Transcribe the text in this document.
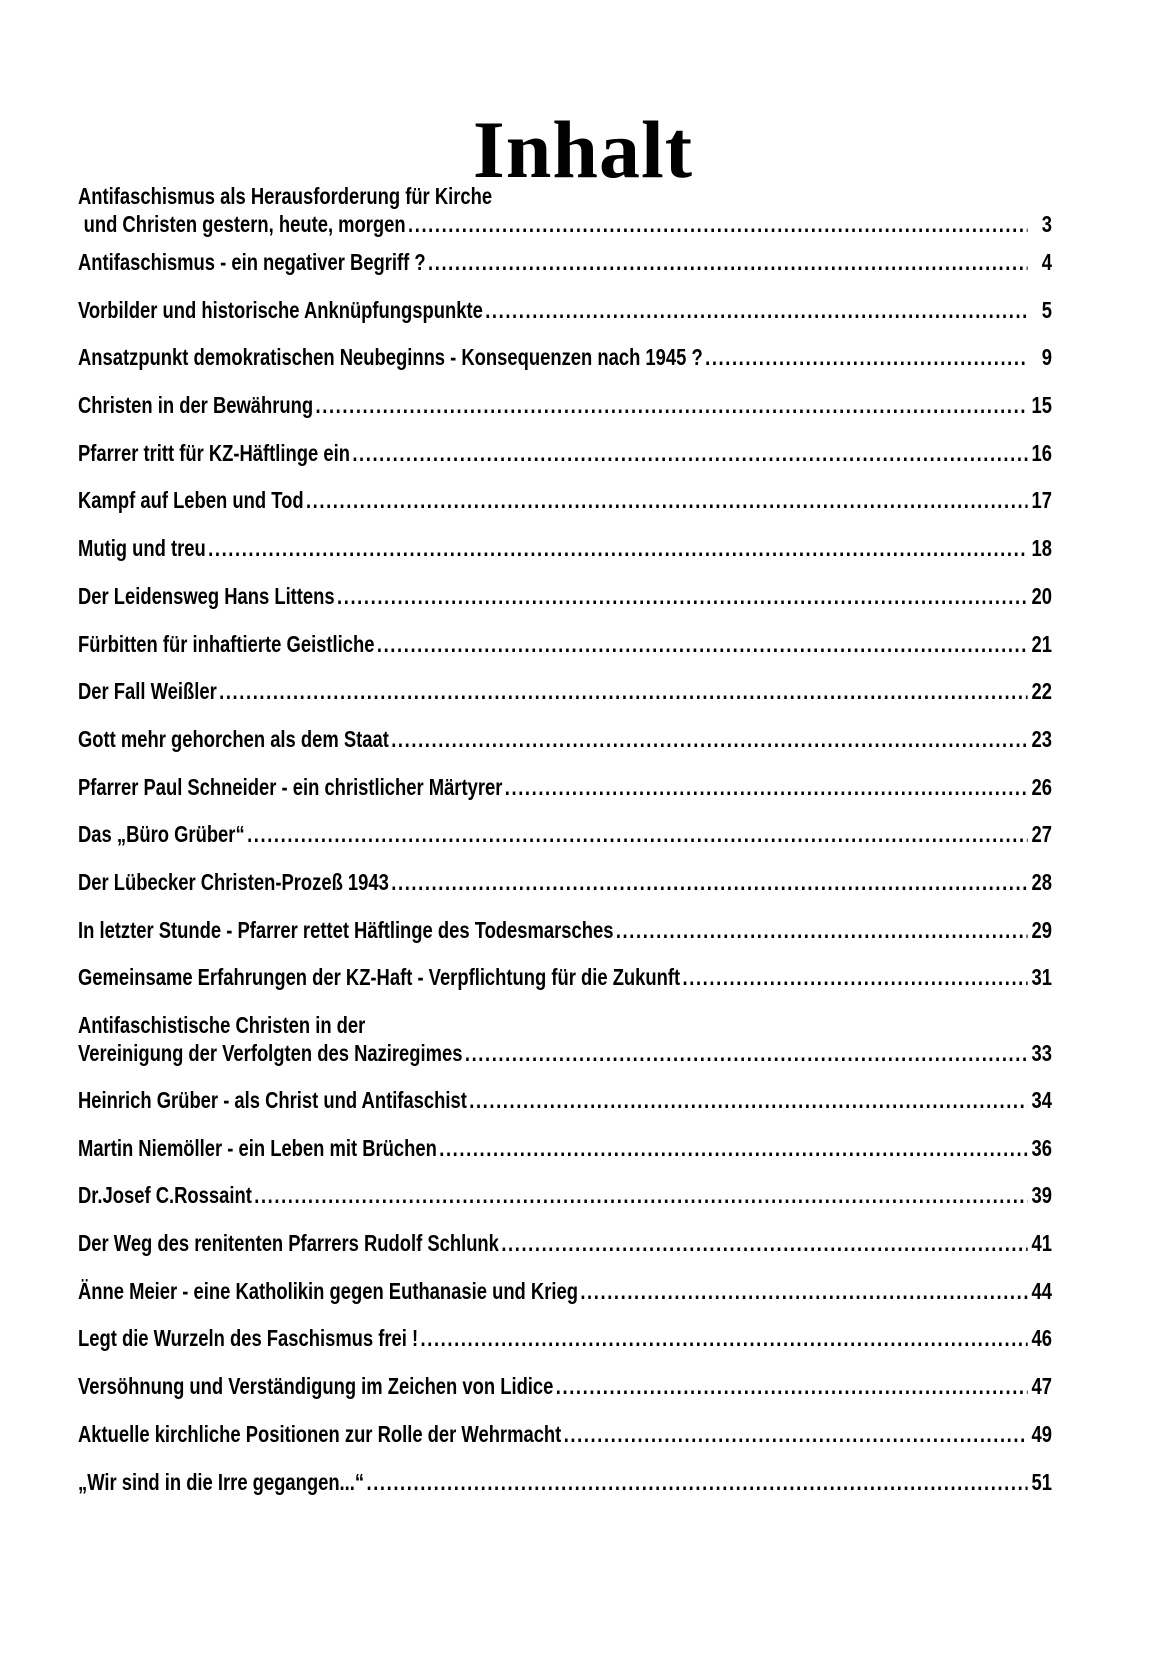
Inhalt
Antifaschismus als Herausforderung für Kirche
und Christen gestern, heute, morgen .....	3
Antifaschismus - ein negativer Begriff ? .....	4
Vorbilder und historische Anknüpfungspunkte .....	5
Ansatzpunkt demokratischen Neubeginns - Konsequenzen nach 1945 ? .....	9
Christen in der Bewährung .....	15
Pfarrer tritt für KZ-Häftlinge ein .....	16
Kampf auf Leben und Tod .....	17
Mutig und treu .....	18
Der Leidensweg Hans Littens .....	20
Fürbitten für inhaftierte Geistliche .....	21
Der Fall Weißler .....	22
Gott mehr gehorchen als dem Staat .....	23
Pfarrer Paul Schneider - ein christlicher Märtyrer .....	26
Das „Büro Grüber“ .....	27
Der Lübecker Christen-Prozeß 1943 .....	28
In letzter Stunde - Pfarrer rettet Häftlinge des Todesmarsches .....	29
Gemeinsame Erfahrungen der KZ-Haft - Verpflichtung für die Zukunft .....	31
Antifaschistische Christen in der
Vereinigung der Verfolgten des Naziregimes .....	33
Heinrich Grüber - als Christ und Antifaschist .....	34
Martin Niemöller - ein Leben mit Brüchen .....	36
Dr.Josef C.Rossaint .....	39
Der Weg des renitenten Pfarrers Rudolf Schlunk .....	41
Änne Meier - eine Katholikin gegen Euthanasie und Krieg .....	44
Legt die Wurzeln des Faschismus frei ! .....	46
Versöhnung und Verständigung im Zeichen von Lidice .....	47
Aktuelle kirchliche Positionen zur Rolle der Wehrmacht .....	49
„Wir sind in die Irre gegangen...“ .....	51
